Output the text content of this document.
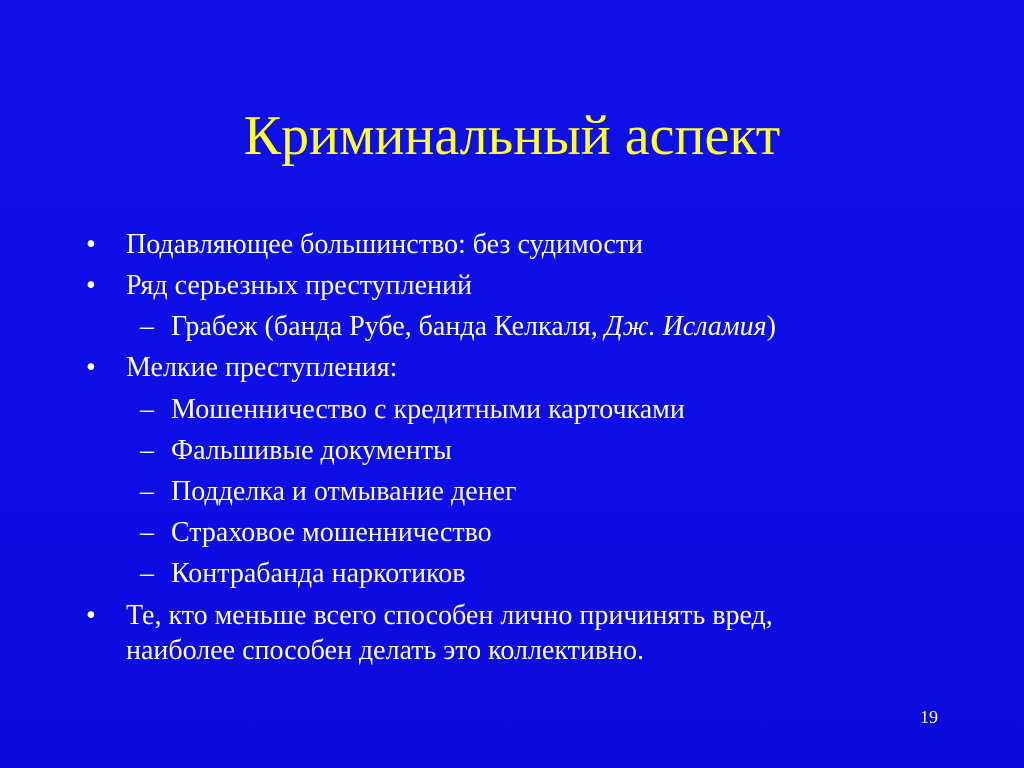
Криминальный аспект
• Подавляющее большинство: без судимости
• Ряд серьезных преступлений
– Грабеж (банда Рубе, банда Келкаля, Дж. Исламия)
• Мелкие преступления:
– Мошенничество с кредитными карточками
– Фальшивые документы
– Подделка и отмывание денег
– Страховое мошенничество
– Контрабанда наркотиков
• Те, кто меньше всего способен лично причинять вред,
наиболее способен делать это коллективно.
19
